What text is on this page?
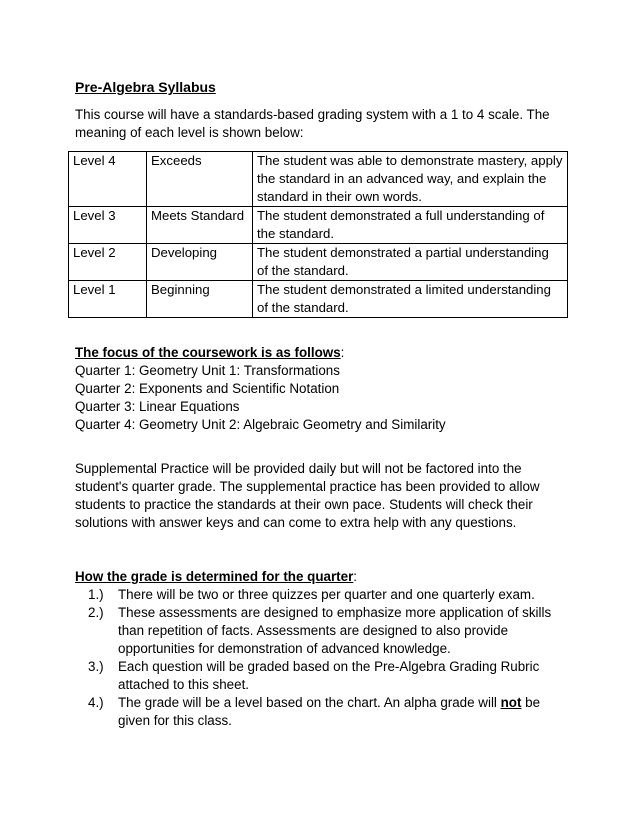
Pre-Algebra Syllabus
This course will have a standards-based grading system with a 1 to 4 scale. The meaning of each level is shown below:
Level 4	Exceeds	The student was able to demonstrate mastery, apply the standard in an advanced way, and explain the standard in their own words.
Level 3	Meets Standard	The student demonstrated a full understanding of the standard.
Level 2	Developing	The student demonstrated a partial understanding of the standard.
Level 1	Beginning	The student demonstrated a limited understanding of the standard.
The focus of the coursework is as follows:
Quarter 1: Geometry Unit 1: Transformations
Quarter 2: Exponents and Scientific Notation
Quarter 3: Linear Equations
Quarter 4: Geometry Unit 2: Algebraic Geometry and Similarity
Supplemental Practice will be provided daily but will not be factored into the student's quarter grade. The supplemental practice has been provided to allow students to practice the standards at their own pace. Students will check their solutions with answer keys and can come to extra help with any questions.
How the grade is determined for the quarter:
1.)	There will be two or three quizzes per quarter and one quarterly exam.
2.)	These assessments are designed to emphasize more application of skills than repetition of facts. Assessments are designed to also provide opportunities for demonstration of advanced knowledge.
3.)	Each question will be graded based on the Pre-Algebra Grading Rubric attached to this sheet.
4.)	The grade will be a level based on the chart. An alpha grade will not be given for this class.
